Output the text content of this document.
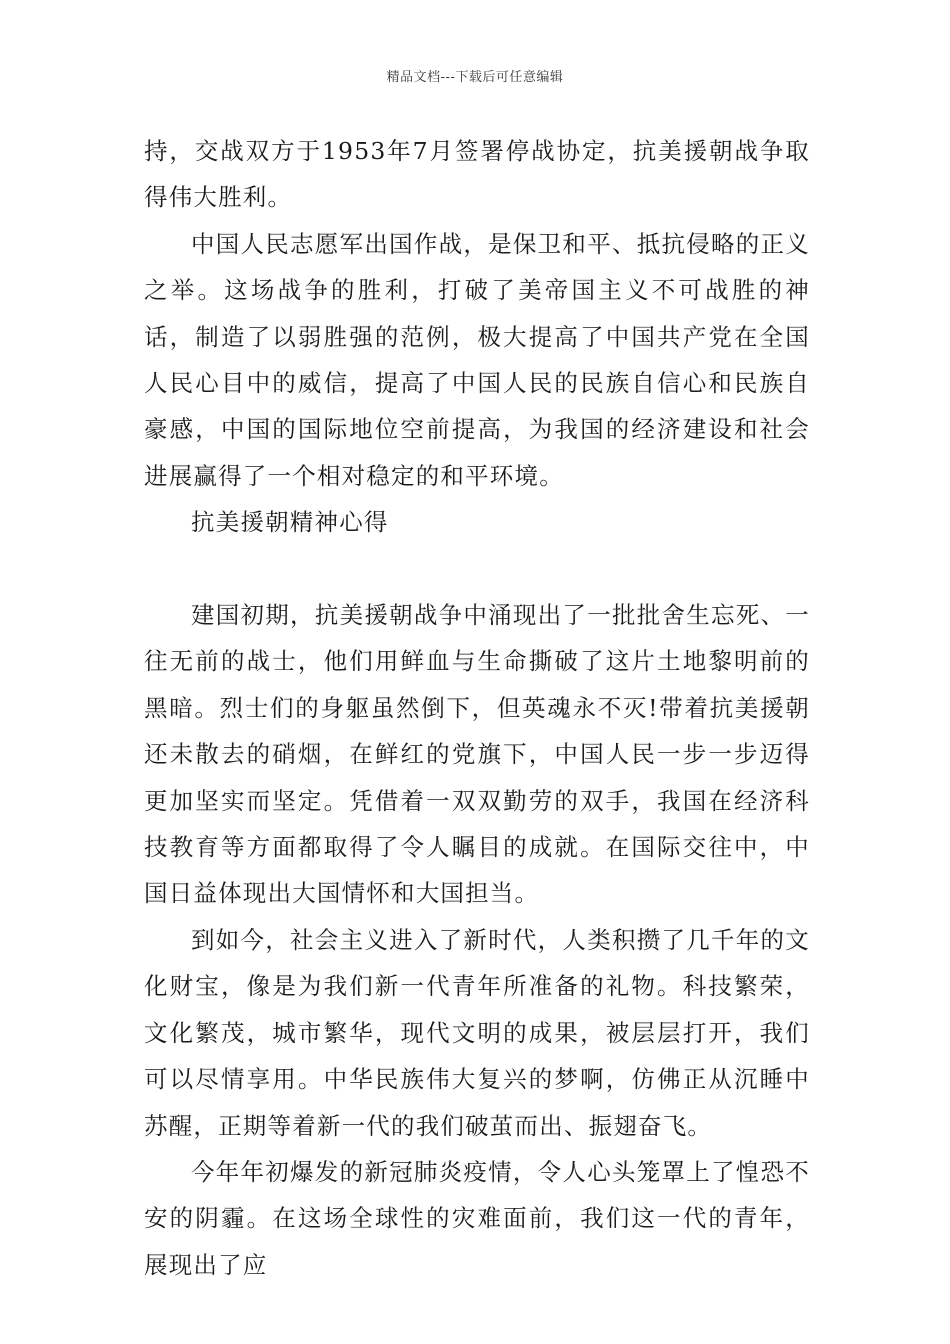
精品文档---下载后可任意编辑

持，交战双方于1953年7月签署停战协定，抗美援朝战争取得伟大胜利。

中国人民志愿军出国作战，是保卫和平、抵抗侵略的正义之举。这场战争的胜利，打破了美帝国主义不可战胜的神话，制造了以弱胜强的范例，极大提高了中国共产党在全国人民心目中的威信，提高了中国人民的民族自信心和民族自豪感，中国的国际地位空前提高，为我国的经济建设和社会进展赢得了一个相对稳定的和平环境。

抗美援朝精神心得

建国初期，抗美援朝战争中涌现出了一批批舍生忘死、一往无前的战士，他们用鲜血与生命撕破了这片土地黎明前的黑暗。烈士们的身躯虽然倒下，但英魂永不灭!带着抗美援朝还未散去的硝烟，在鲜红的党旗下，中国人民一步一步迈得更加坚实而坚定。凭借着一双双勤劳的双手，我国在经济科技教育等方面都取得了令人瞩目的成就。在国际交往中，中国日益体现出大国情怀和大国担当。

到如今，社会主义进入了新时代，人类积攒了几千年的文化财宝，像是为我们新一代青年所准备的礼物。科技繁荣，文化繁茂，城市繁华，现代文明的成果，被层层打开，我们可以尽情享用。中华民族伟大复兴的梦啊，仿佛正从沉睡中苏醒，正期等着新一代的我们破茧而出、振翅奋飞。

今年年初爆发的新冠肺炎疫情，令人心头笼罩上了惶恐不安的阴霾。在这场全球性的灾难面前，我们这一代的青年，展现出了应
